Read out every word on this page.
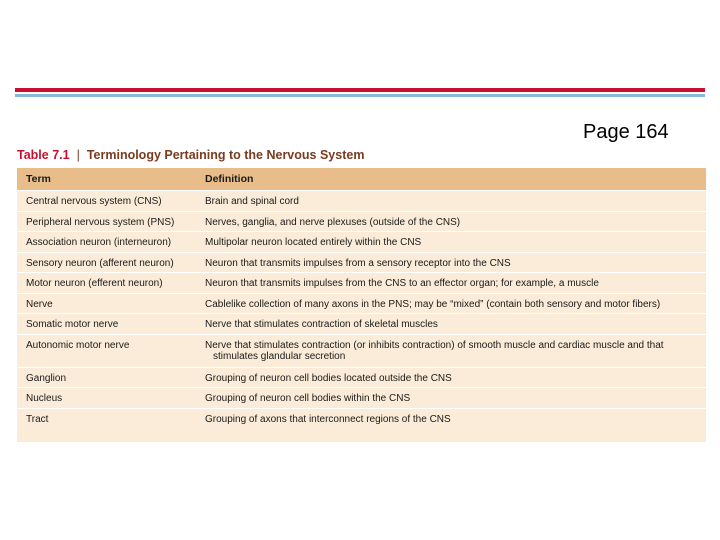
Page 164
Table 7.1 | Terminology Pertaining to the Nervous System
Term	Definition
Central nervous system (CNS)	Brain and spinal cord
Peripheral nervous system (PNS)	Nerves, ganglia, and nerve plexuses (outside of the CNS)
Association neuron (interneuron)	Multipolar neuron located entirely within the CNS
Sensory neuron (afferent neuron)	Neuron that transmits impulses from a sensory receptor into the CNS
Motor neuron (efferent neuron)	Neuron that transmits impulses from the CNS to an effector organ; for example, a muscle
Nerve	Cablelike collection of many axons in the PNS; may be “mixed” (contain both sensory and motor fibers)
Somatic motor nerve	Nerve that stimulates contraction of skeletal muscles
Autonomic motor nerve	Nerve that stimulates contraction (or inhibits contraction) of smooth muscle and cardiac muscle and that
stimulates glandular secretion

Ganglion	Grouping of neuron cell bodies located outside the CNS
Nucleus	Grouping of neuron cell bodies within the CNS
Tract	Grouping of axons that interconnect regions of the CNS
